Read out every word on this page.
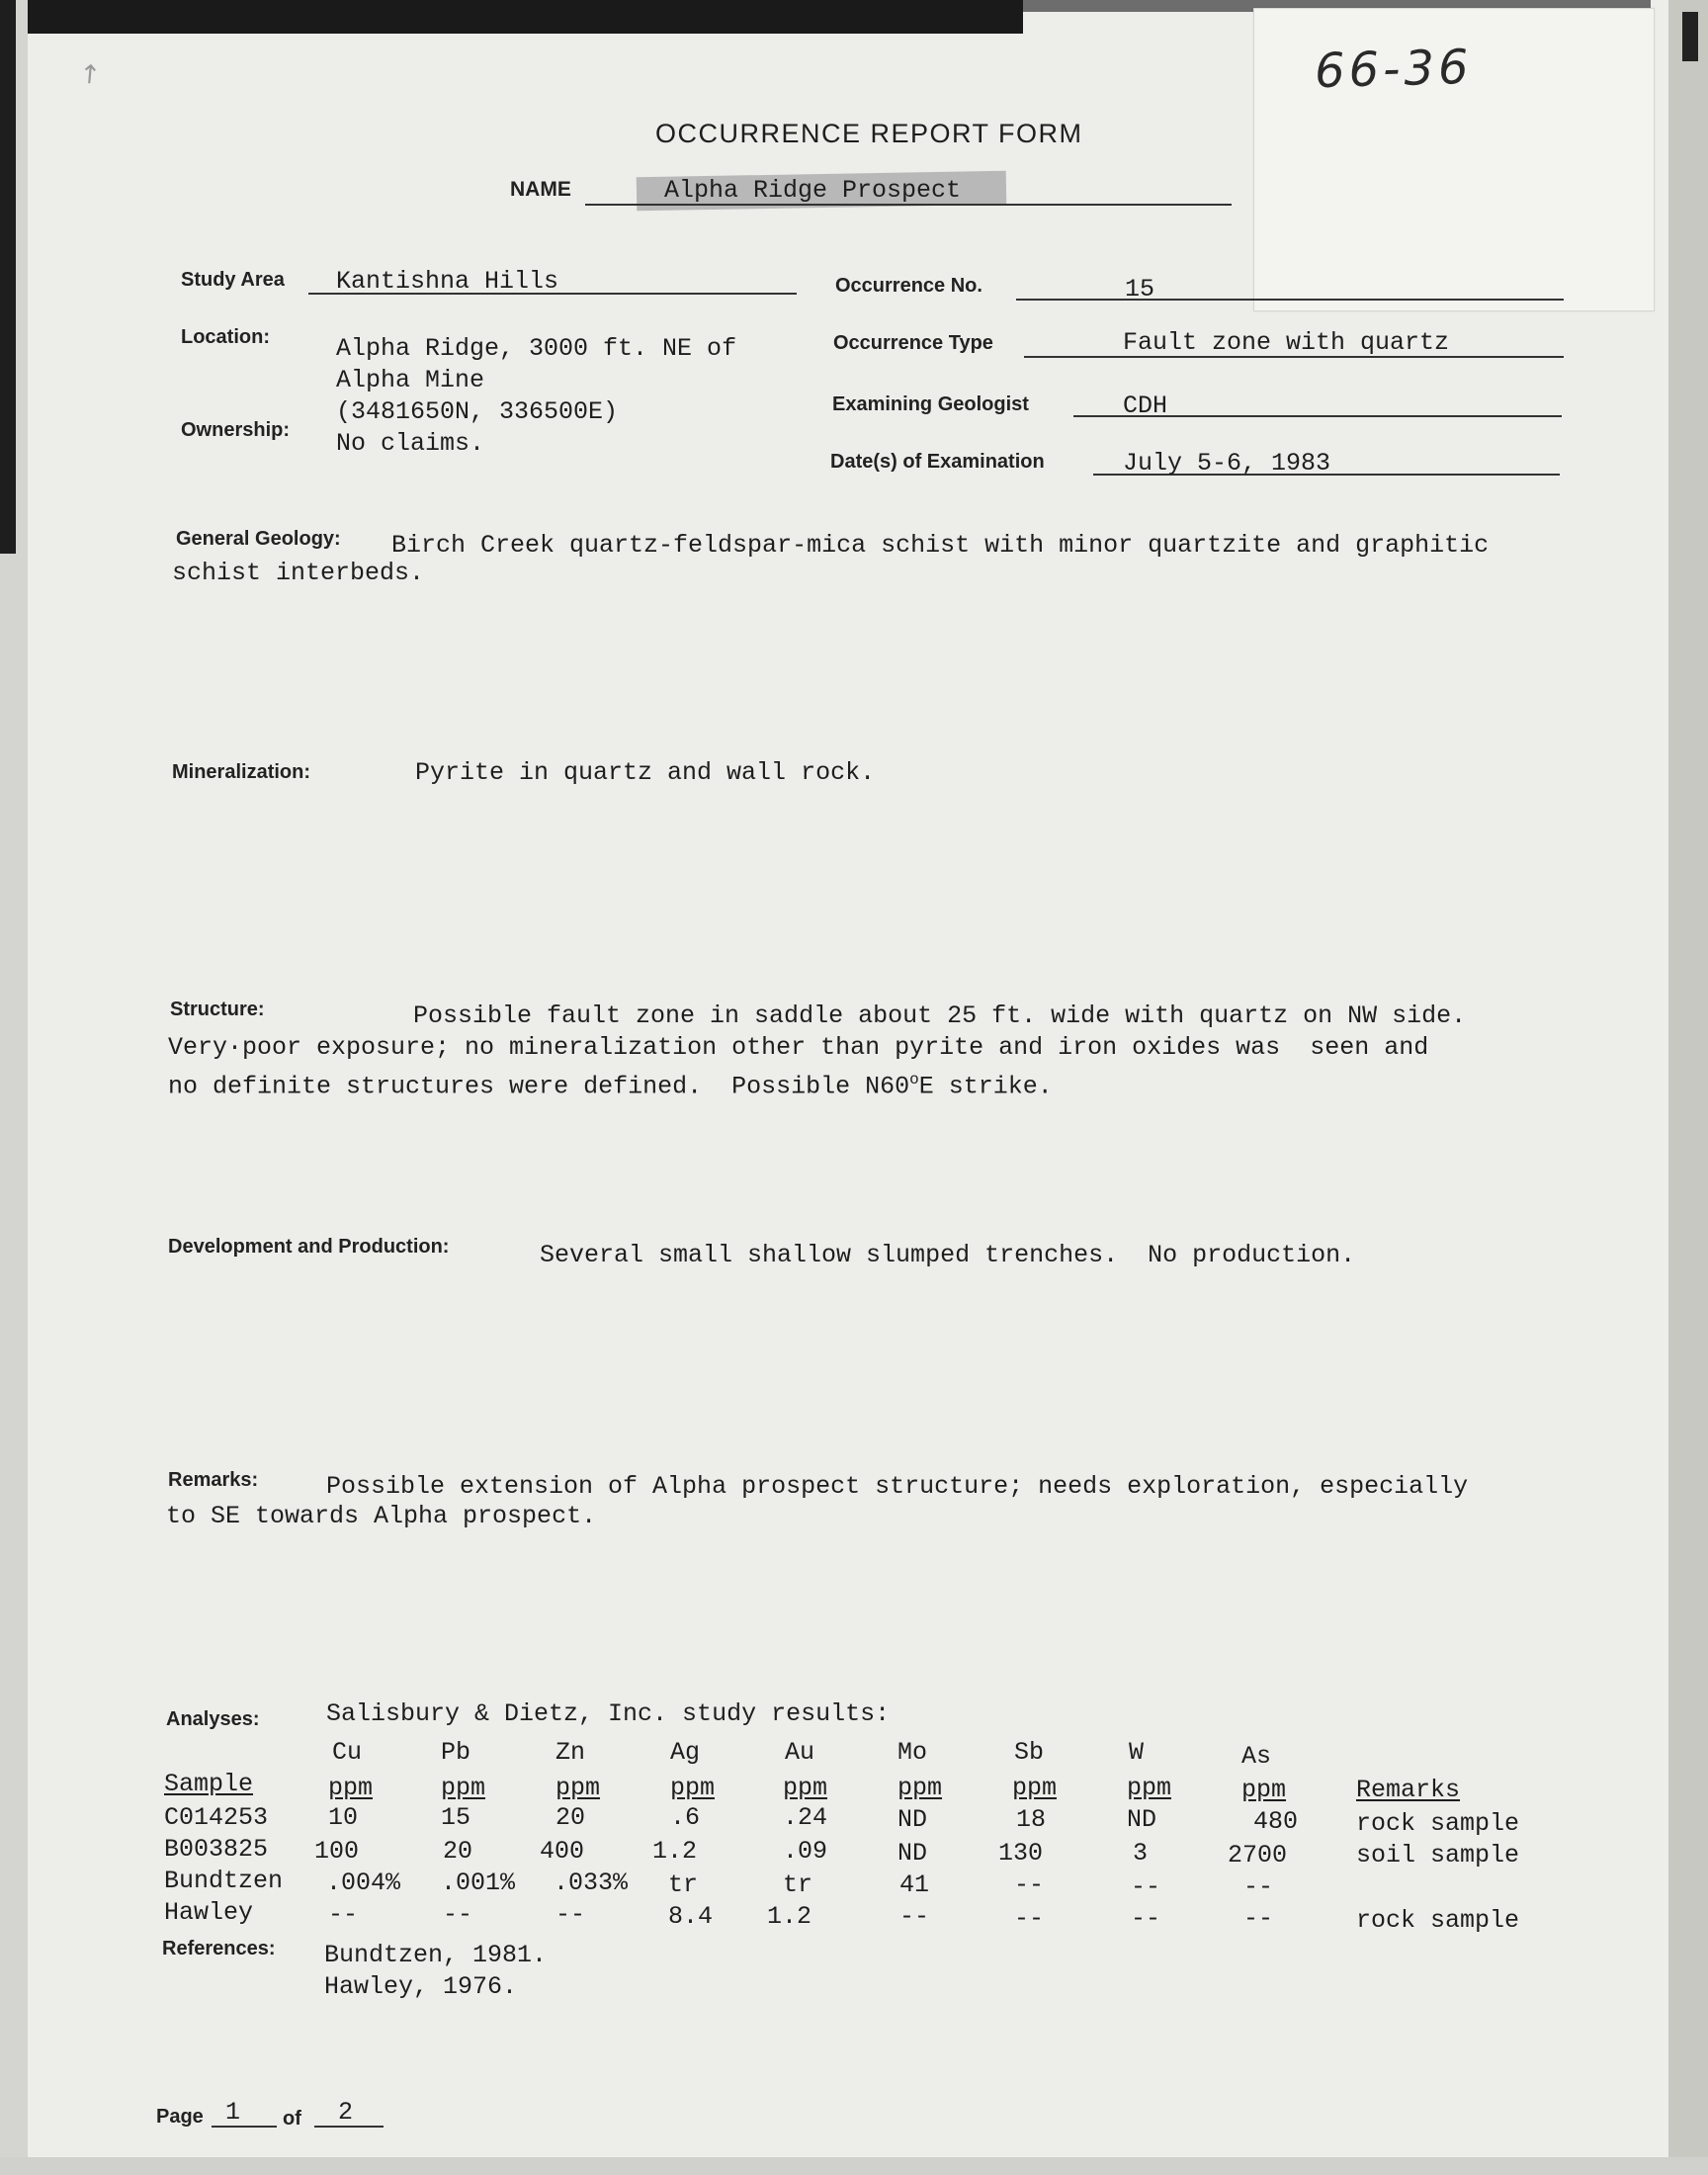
66-36
↗
OCCURRENCE REPORT FORM
NAME	Alpha Ridge Prospect
Study Area Kantishna Hills	Occurrence No.	15
Location:	Alpha Ridge, 3000 ft. NE of
Alpha Mine
(3481650N, 336500E)
Ownership: No claims.
Occurrence Type	Fault zone with quartz
Examining Geologist	CDH
Date(s) of Examination	July 5-6, 1983
General Geology: Birch Creek quartz-feldspar-mica schist with minor quartzite and graphitic
schist interbeds.
Mineralization:	Pyrite in quartz and wall rock.
Structure:	Possible fault zone in saddle about 25 ft. wide with quartz on NW side.
Very·poor exposure; no mineralization other than pyrite and iron oxides was  seen and
no definite structures were defined.  Possible N60$^o$E strike.
Development and Production:	Several small shallow slumped trenches.  No production.
Remarks:	Possible extension of Alpha prospect structure; needs exploration, especially
to SE towards Alpha prospect.
Analyses:	Salisbury & Dietz, Inc. study results:
Cu	Pb	Zn	Ag	Au	Mo	Sb	W	As
Sample	ppm	ppm	ppm	ppm	ppm	ppm	ppm	ppm	ppm	Remarks
C014253 10	15	20	.6	.24	ND	18	ND	480 rock sample
B003825 100	20	400	1.2	.09	ND	130	3	2700	soil sample
Bundtzen .004% .001% .033% tr	tr	41	--	--	--
Hawley	--	--	--	8.4 1.2	--	--	--	--	rock sample
References: Bundtzen, 1981.
Hawley, 1976.
Page 1 of 2
